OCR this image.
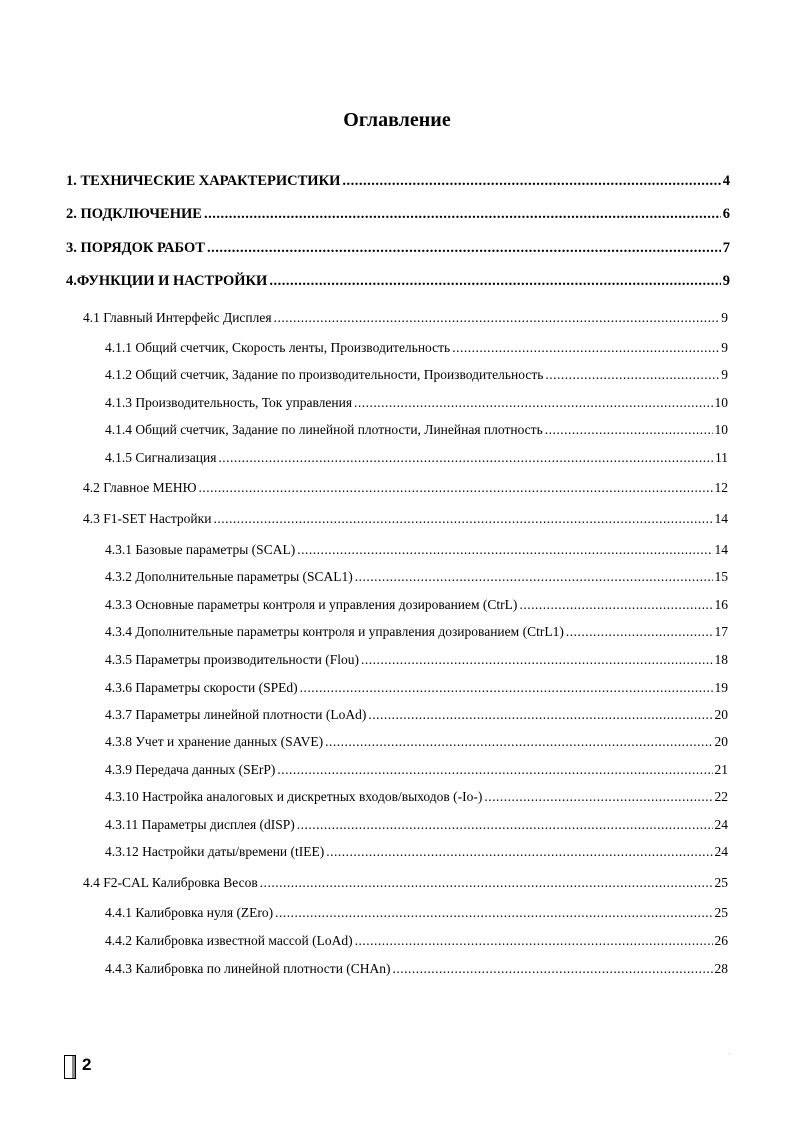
Оглавление
1. ТЕХНИЧЕСКИЕ ХАРАКТЕРИСТИКИ .....	4
2. ПОДКЛЮЧЕНИЕ .....	6
3. ПОРЯДОК РАБОТ .....	7
4.ФУНКЦИИ И НАСТРОЙКИ .....	9
4.1 Главный Интерфейс Дисплея .....	9
4.1.1 Общий счетчик, Скорость ленты, Производительность .....	9
4.1.2 Общий счетчик, Задание по производительности, Производительность .....	9
4.1.3 Производительность, Ток управления .....	10
4.1.4 Общий счетчик, Задание по линейной плотности, Линейная плотность .....	10
4.1.5 Сигнализация .....	11
4.2 Главное МЕНЮ .....	12
4.3 F1-SET Настройки .....	14
4.3.1 Базовые параметры (SCAL) .....	14
4.3.2 Дополнительные параметры (SCAL1) .....	15
4.3.3 Основные параметры контроля и управления дозированием (CtrL) .....	16
4.3.4 Дополнительные параметры контроля и управления дозированием (CtrL1) .....	17
4.3.5 Параметры производительности (Flou) .....	18
4.3.6 Параметры скорости (SPEd) .....	19
4.3.7 Параметры линейной плотности (LoAd) .....	20
4.3.8 Учет и хранение данных (SAVE) .....	20
4.3.9 Передача данных (SErP) .....	21
4.3.10 Настройка аналоговых и дискретных входов/выходов (-Io-) .....	22
4.3.11 Параметры дисплея (dISP) .....	24
4.3.12 Настройки даты/времени (tIEE) .....	24
4.4 F2-CAL Калибровка Весов .....	25
4.4.1 Калибровка нуля (ZEro) .....	25
4.4.2 Калибровка известной массой (LoAd) .....	26
4.4.3 Калибровка по линейной плотности (CHAn) .....	28
2
